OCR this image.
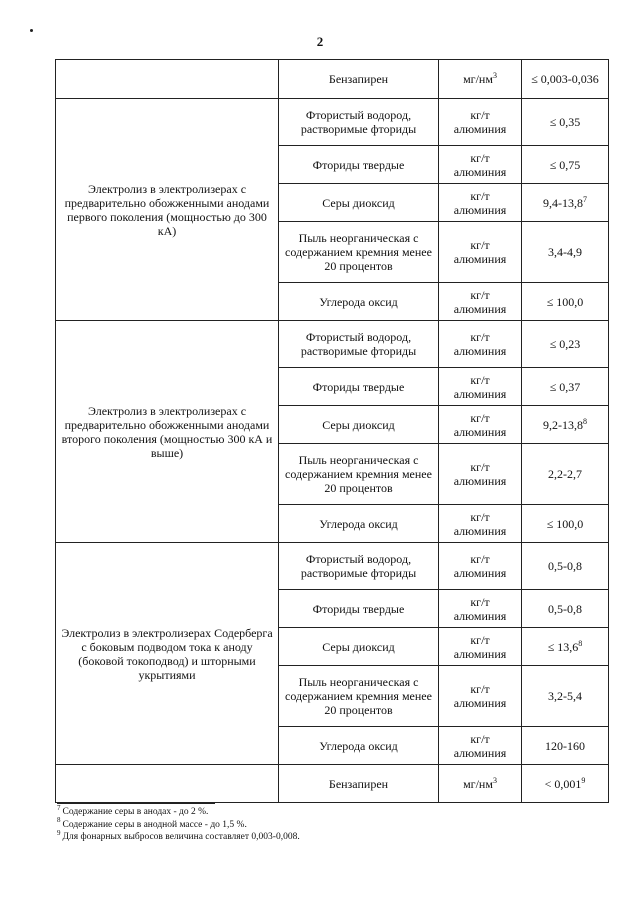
2
	Бензапирен	$мг/нм^3$	≤ 0,003-0,036
Электролиз в электролизерах с предварительно обожженными анодами первого поколения (мощностью до 300 кА)	Фтористый водород, растворимые фториды	кг/т алюминия	≤ 0,35
	Фториды твердые	кг/т алюминия	≤ 0,75
	Серы диоксид	кг/т алюминия	9,4-13,8$^7$
	Пыль неорганическая с содержанием кремния менее 20 процентов	кг/т алюминия	3,4-4,9
	Углерода оксид	кг/т алюминия	≤ 100,0
Электролиз в электролизерах с предварительно обожженными анодами второго поколения (мощностью 300 кА и выше)	Фтористый водород, растворимые фториды	кг/т алюминия	≤ 0,23
	Фториды твердые	кг/т алюминия	≤ 0,37
	Серы диоксид	кг/т алюминия	9,2-13,8$^8$
	Пыль неорганическая с содержанием кремния менее 20 процентов	кг/т алюминия	2,2-2,7
	Углерода оксид	кг/т алюминия	≤ 100,0
Электролиз в электролизерах Содерберга с боковым подводом тока к аноду (боковой токоподвод) и шторными укрытиями	Фтористый водород, растворимые фториды	кг/т алюминия	0,5-0,8
	Фториды твердые	кг/т алюминия	0,5-0,8
	Серы диоксид	кг/т алюминия	≤ $13,6^8$
	Пыль неорганическая с содержанием кремния менее 20 процентов	кг/т алюминия	3,2-5,4
	Углерода оксид	кг/т алюминия	120-160
	Бензапирен	$мг/нм^3$	< $0,001^9$
$^7$ Содержание серы в анодах - до 2 %.
$^8$ Содержание серы в анодной массе - до 1,5 %.
$^9$ Для фонарных выбросов величина составляет 0,003-0,008.
